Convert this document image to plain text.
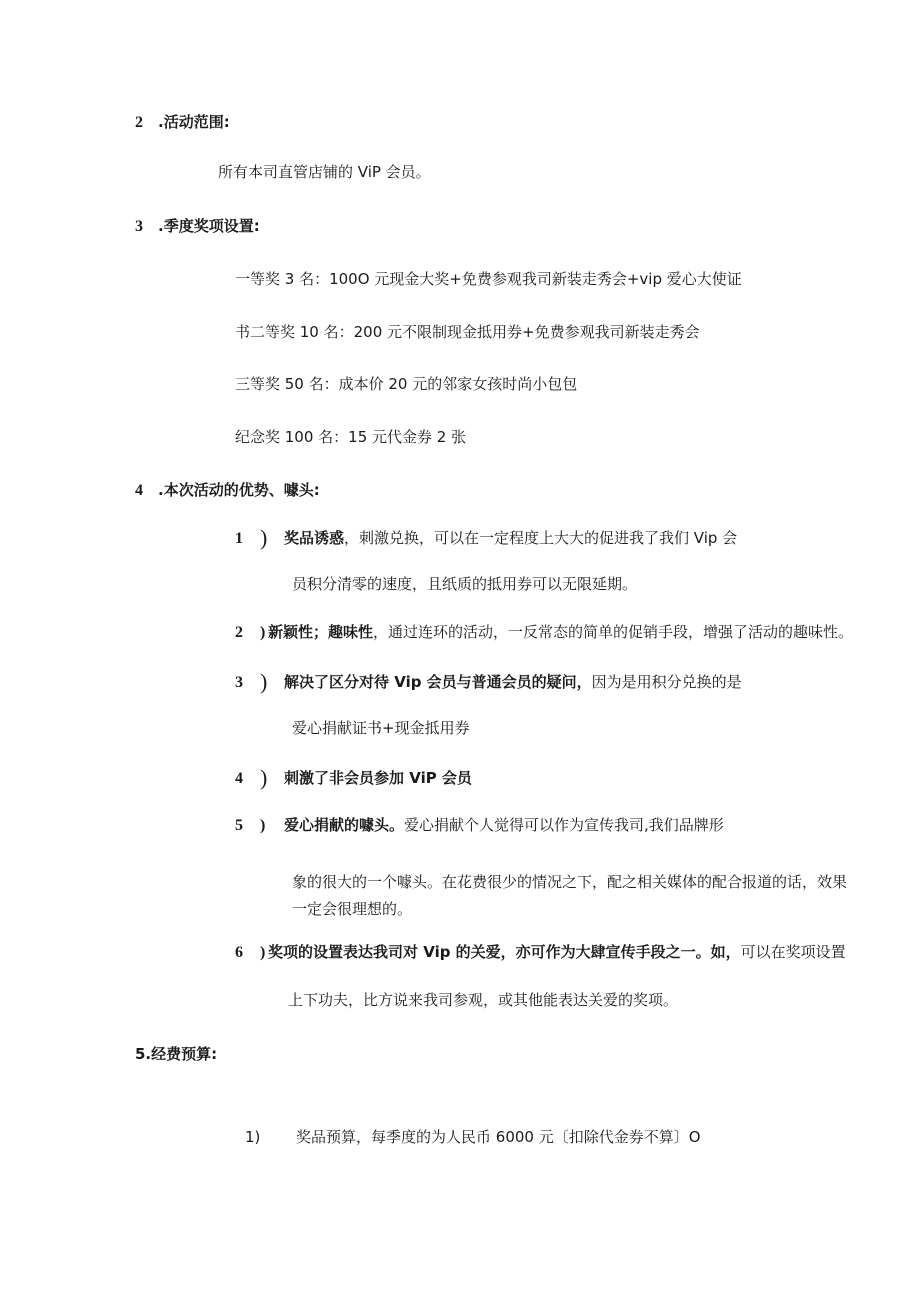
2 .活动范围:
所有本司直管店铺的 ViP 会员。
3 .季度奖项设置:
一等奖 3 名：100O 元现金大奖+免费参观我司新装走秀会+vip 爱心大使证
书二等奖 10 名：200 元不限制现金抵用券+免费参观我司新装走秀会
三等奖 50 名：成本价 20 元的邻家女孩时尚小包包
纪念奖 100 名：15 元代金券 2 张
4 .本次活动的优势、噱头:
1 ) 奖品诱惑，刺激兑换，可以在一定程度上大大的促进我了我们 Vip 会
员积分清零的速度，且纸质的抵用券可以无限延期。
2 ) 新颖性；趣味性，通过连环的活动，一反常态的简单的促销手段，增强了活动的趣味性。
3 ) 解决了区分对待 Vip 会员与普通会员的疑问，因为是用积分兑换的是
爱心捐献证书+现金抵用券
4 ) 刺激了非会员参加 ViP 会员
5 ) 爱心捐献的噱头。爱心捐献个人觉得可以作为宣传我司,我们品牌形
象的很大的一个噱头。在花费很少的情况之下，配之相关媒体的配合报道的话，效果
一定会很理想的。
6 ) 奖项的设置表达我司对 Vip 的关爱，亦可作为大肆宣传手段之一。如，可以在奖项设置
上下功夫，比方说来我司参观，或其他能表达关爱的奖项。
5.经费预算:
1) 奖品预算，每季度的为人民币 6000 元〔扣除代金券不算〕O
